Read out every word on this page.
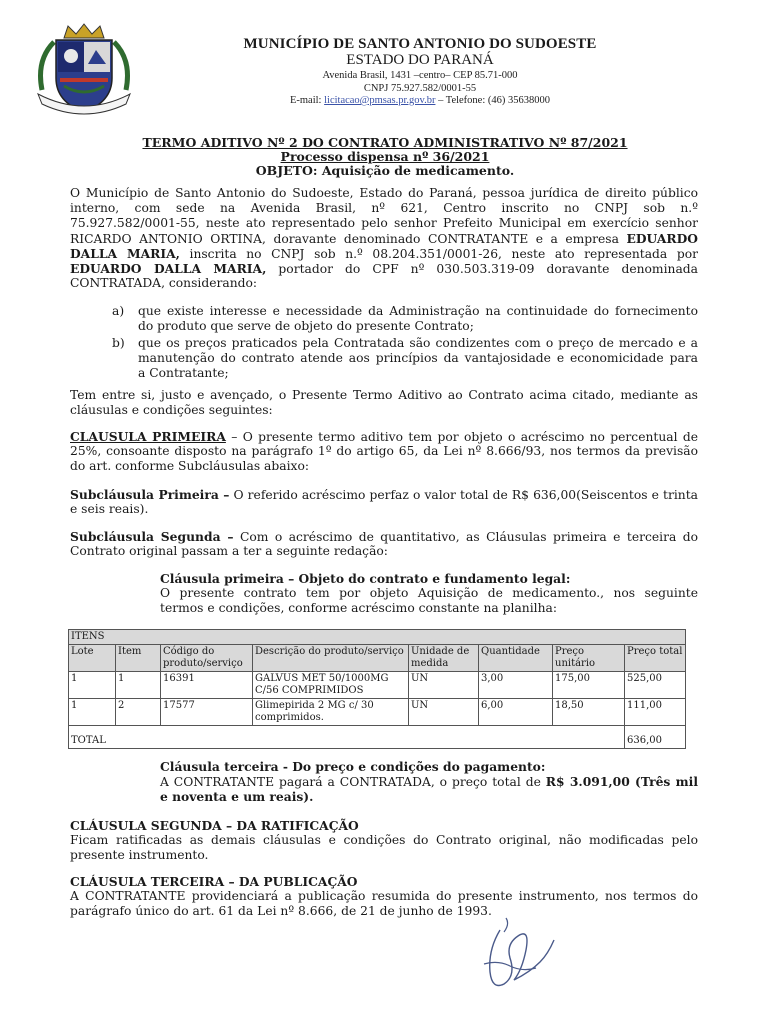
MUNICÍPIO DE SANTO ANTONIO DO SUDOESTE
ESTADO DO PARANÁ
Avenida Brasil, 1431 –centro– CEP 85.71-000
CNPJ 75.927.582/0001-55
E-mail: licitacao@pmsas.pr.gov.br – Telefone: (46) 35638000
TERMO ADITIVO Nº 2 DO CONTRATO ADMINISTRATIVO Nº 87/2021
Processo dispensa nº 36/2021
OBJETO: Aquisição de medicamento.
O Município de Santo Antonio do Sudoeste, Estado do Paraná, pessoa jurídica de direito público
interno, com sede na Avenida Brasil, nº 621, Centro inscrito no CNPJ sob n.º
75.927.582/0001-55, neste ato representado pelo senhor Prefeito Municipal em exercício senhor
RICARDO ANTONIO ORTINA, doravante denominado CONTRATANTE e a empresa EDUARDO
DALLA MARIA, inscrita no CNPJ sob n.º 08.204.351/0001-26, neste ato representada por
EDUARDO DALLA MARIA, portador do CPF nº 030.503.319-09 doravante denominada
CONTRATADA, considerando:
a)	que existe interesse e necessidade da Administração na continuidade do fornecimento
do produto que serve de objeto do presente Contrato;
b)	que os preços praticados pela Contratada são condizentes com o preço de mercado e a
manutenção do contrato atende aos princípios da vantajosidade e economicidade para
a Contratante;
Tem entre si, justo e avençado, o Presente Termo Aditivo ao Contrato acima citado, mediante as
cláusulas e condições seguintes:
CLAUSULA PRIMEIRA – O presente termo aditivo tem por objeto o acréscimo no percentual de
25%, consoante disposto na parágrafo 1º do artigo 65, da Lei nº 8.666/93, nos termos da previsão
do art. conforme Subcláusulas abaixo:
Subcláusula Primeira – O referido acréscimo perfaz o valor total de R$ 636,00(Seiscentos e trinta
e seis reais).
Subcláusula Segunda – Com o acréscimo de quantitativo, as Cláusulas primeira e terceira do
Contrato original passam a ter a seguinte redação:
Cláusula primeira – Objeto do contrato e fundamento legal:
O presente contrato tem por objeto Aquisição de medicamento., nos seguinte
termos e condições, conforme acréscimo constante na planilha:
ITENS							
Lote	Item	Código do produto/serviço	Descrição do produto/serviço	Unidade de medida	Quantidade	Preço unitário	Preço total
1	1	16391	GALVUS MET 50/1000MG C/56 COMPRIMIDOS	UN	3,00	175,00	525,00
1	2	17577	Glimepirida 2 MG c/ 30 comprimidos.	UN	6,00	18,50	111,00
TOTAL							636,00
Cláusula terceira - Do preço e condições do pagamento:
A CONTRATANTE pagará a CONTRATADA, o preço total de R$ 3.091,00 (Três mil
e noventa e um reais).
CLÁUSULA SEGUNDA – DA RATIFICAÇÃO
Ficam ratificadas as demais cláusulas e condições do Contrato original, não modificadas pelo
presente instrumento.
CLÁUSULA TERCEIRA – DA PUBLICAÇÃO
A CONTRATANTE providenciará a publicação resumida do presente instrumento, nos termos do
parágrafo único do art. 61 da Lei nº 8.666, de 21 de junho de 1993.
